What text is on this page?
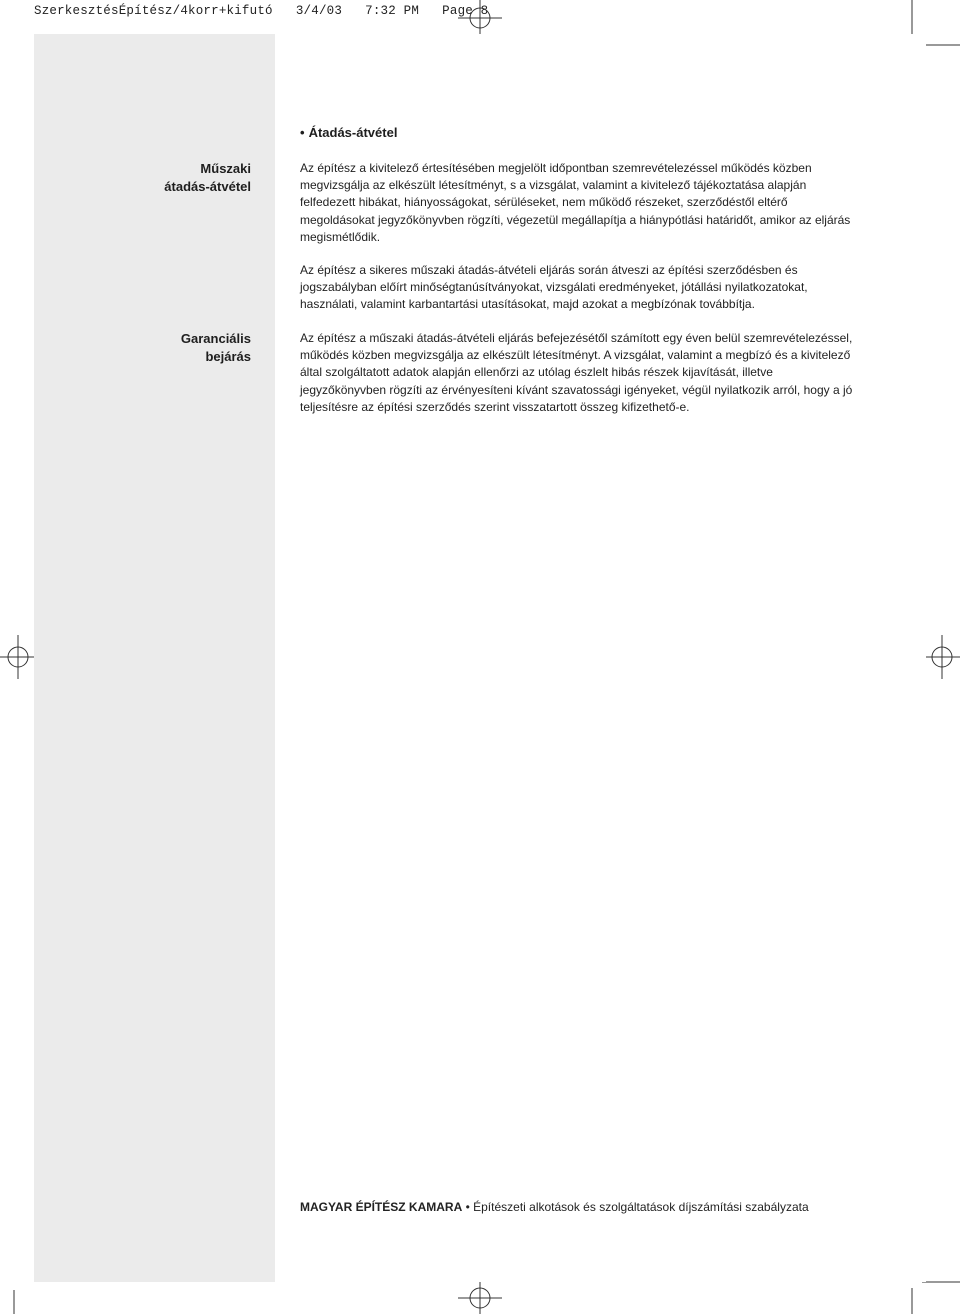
SzerkesztésÉpítész/4korr+kifutó   3/4/03   7:32 PM   Page 8
Műszaki
átadás-átvétel
Garanciális
bejárás
• Átadás-átvétel

Az építész a kivitelező értesítésében megjelölt időpontban szemrevételezéssel működés közben megvizsgálja az elkészült létesítményt, s a vizsgálat, valamint a kivitelező tájékoztatása alapján felfedezett hibákat, hiányosságokat, sérüléseket, nem működő részeket, szerződéstől eltérő megoldásokat jegyzőkönyvben rögzíti, végezetül megállapítja a hiánypótlási határidőt, amikor az eljárás megismétlődik.

Az építész a sikeres műszaki átadás-átvételi eljárás során átveszi az építési szerződésben és jogszabályban előírt minőségtanúsítványokat, vizsgálati eredményeket, jótállási nyilatkozatokat, használati, valamint karbantartási utasításokat, majd azokat a megbízónak továbbítja.

Az építész a műszaki átadás-átvételi eljárás befejezésétől számított egy éven belül szemrevételezéssel, működés közben megvizsgálja az elkészült létesítményt. A vizsgálat, valamint a megbízó és a kivitelező által szolgáltatott adatok alapján ellenőrzi az utólag észlelt hibás részek kijavítását, illetve jegyzőkönyvben rögzíti az érvényesíteni kívánt szavatossági igényeket, végül nyilatkozik arról, hogy a jó teljesítésre az építési szerződés szerint visszatartott összeg kifizethető-e.

MAGYAR ÉPÍTÉSZ KAMARA • Építészeti alkotások és szolgáltatások díjszámítási szabályzata
